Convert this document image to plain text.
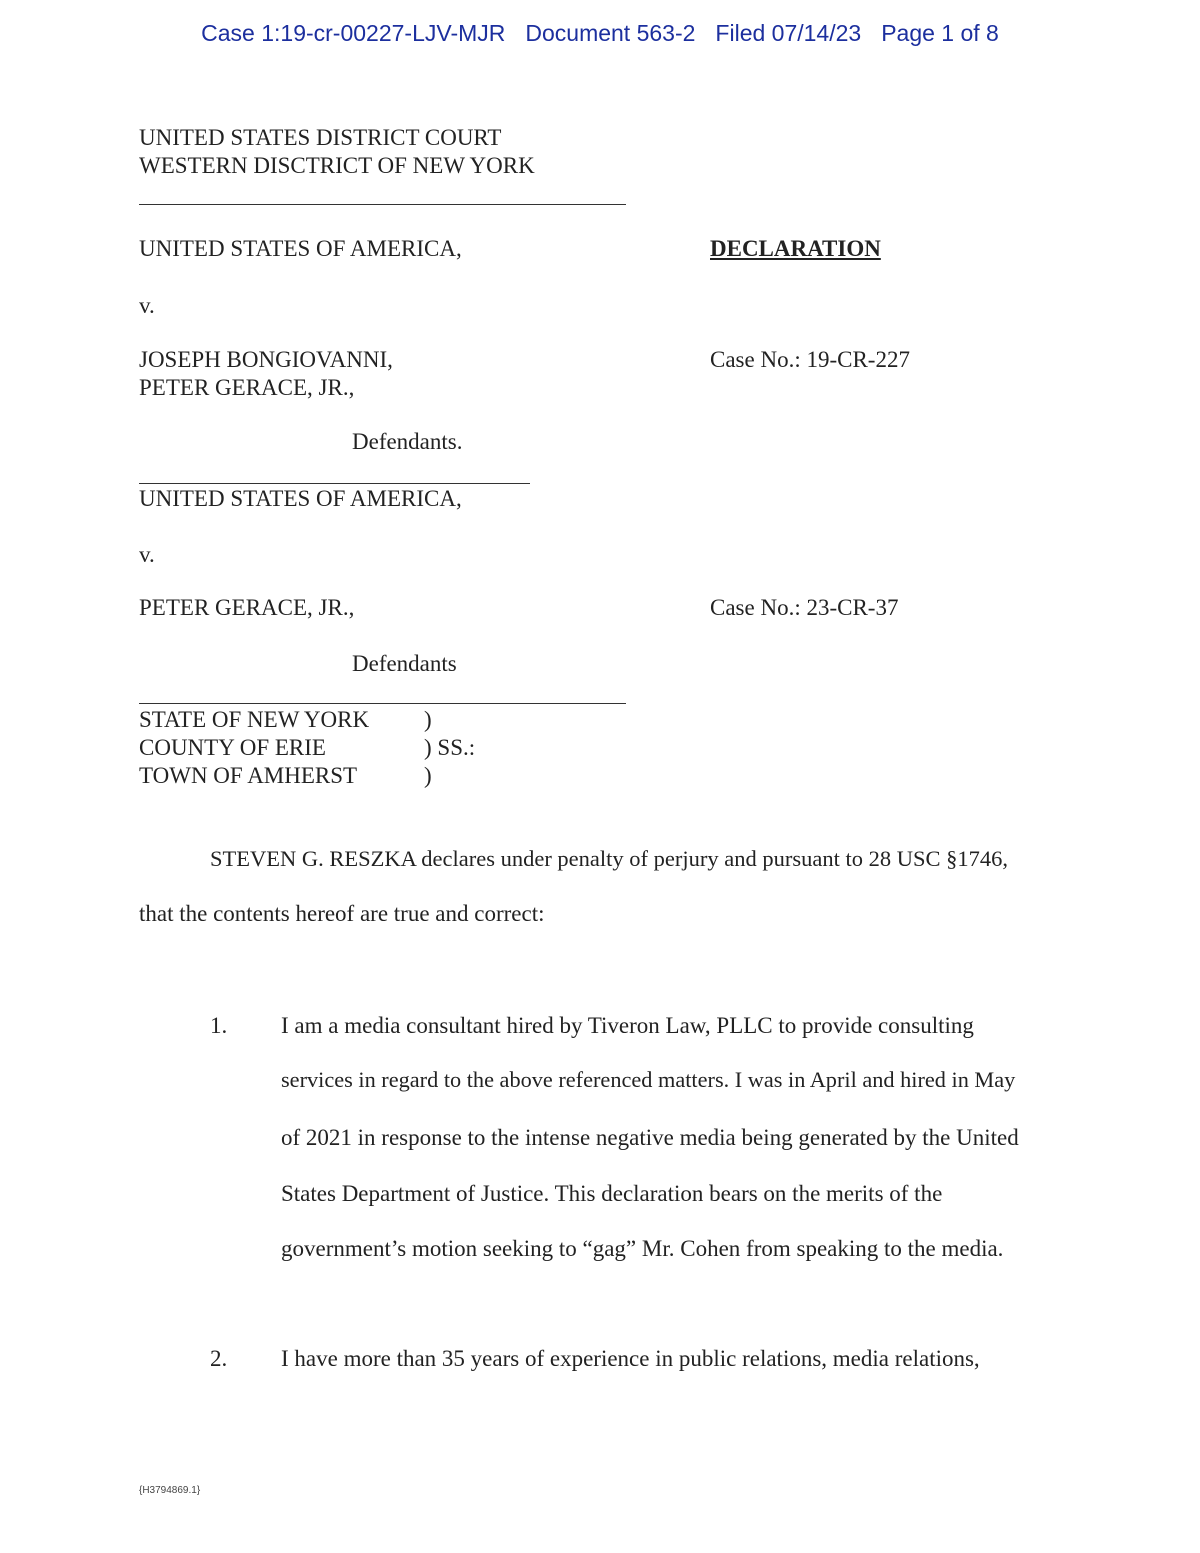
Case 1:19-cr-00227-LJV-MJR Document 563-2 Filed 07/14/23 Page 1 of 8
UNITED STATES DISTRICT COURT
WESTERN DISCTRICT OF NEW YORK
UNITED STATES OF AMERICA,	DECLARATION
v.
JOSEPH BONGIOVANNI,	Case No.: 19-CR-227
PETER GERACE, JR.,
Defendants.
UNITED STATES OF AMERICA,
v.
PETER GERACE, JR.,	Case No.: 23-CR-37
Defendants
STATE OF NEW YORK )
COUNTY OF ERIE	) SS.:
TOWN OF AMHERST	)
STEVEN G. RESZKA declares under penalty of perjury and pursuant to 28 USC §1746,
that the contents hereof are true and correct:
1. I am a media consultant hired by Tiveron Law, PLLC to provide consulting
services in regard to the above referenced matters. I was in April and hired in May
of 2021 in response to the intense negative media being generated by the United
States Department of Justice. This declaration bears on the merits of the
government’s motion seeking to “gag” Mr. Cohen from speaking to the media.
2. I have more than 35 years of experience in public relations, media relations,
{H3794869.1}
